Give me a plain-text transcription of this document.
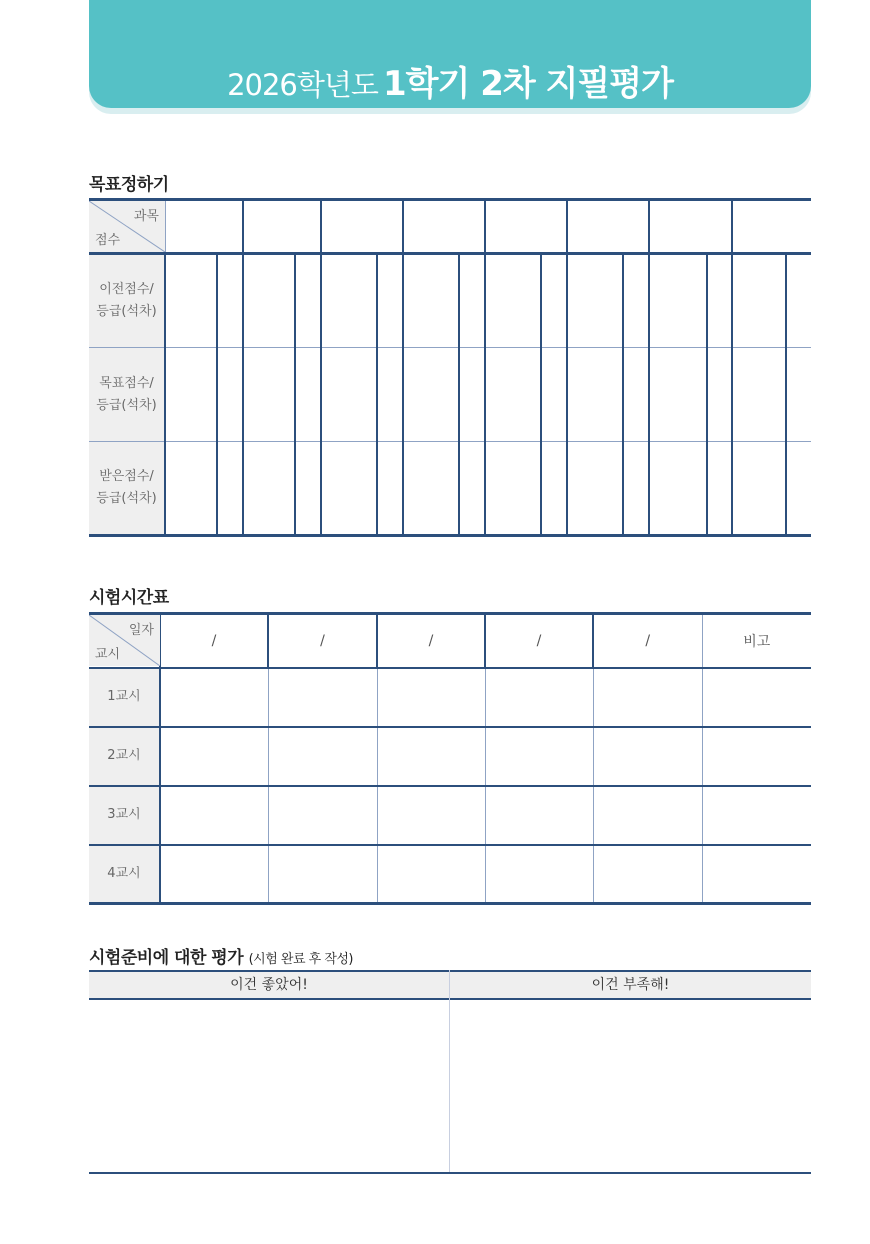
2026학년도 1학기 2차 지필평가
목표정하기
과목
점수																

이전점수/
등급(석차)																

목표점수/
등급(석차)																

받은점수/
등급(석차)																

시험시간표
일자
교시	/	/	/	/	/	비고
1교시						
2교시						
3교시						
4교시						
시험준비에 대한 평가 (시험 완료 후 작성)
이건 좋았어!	이건 부족해!
